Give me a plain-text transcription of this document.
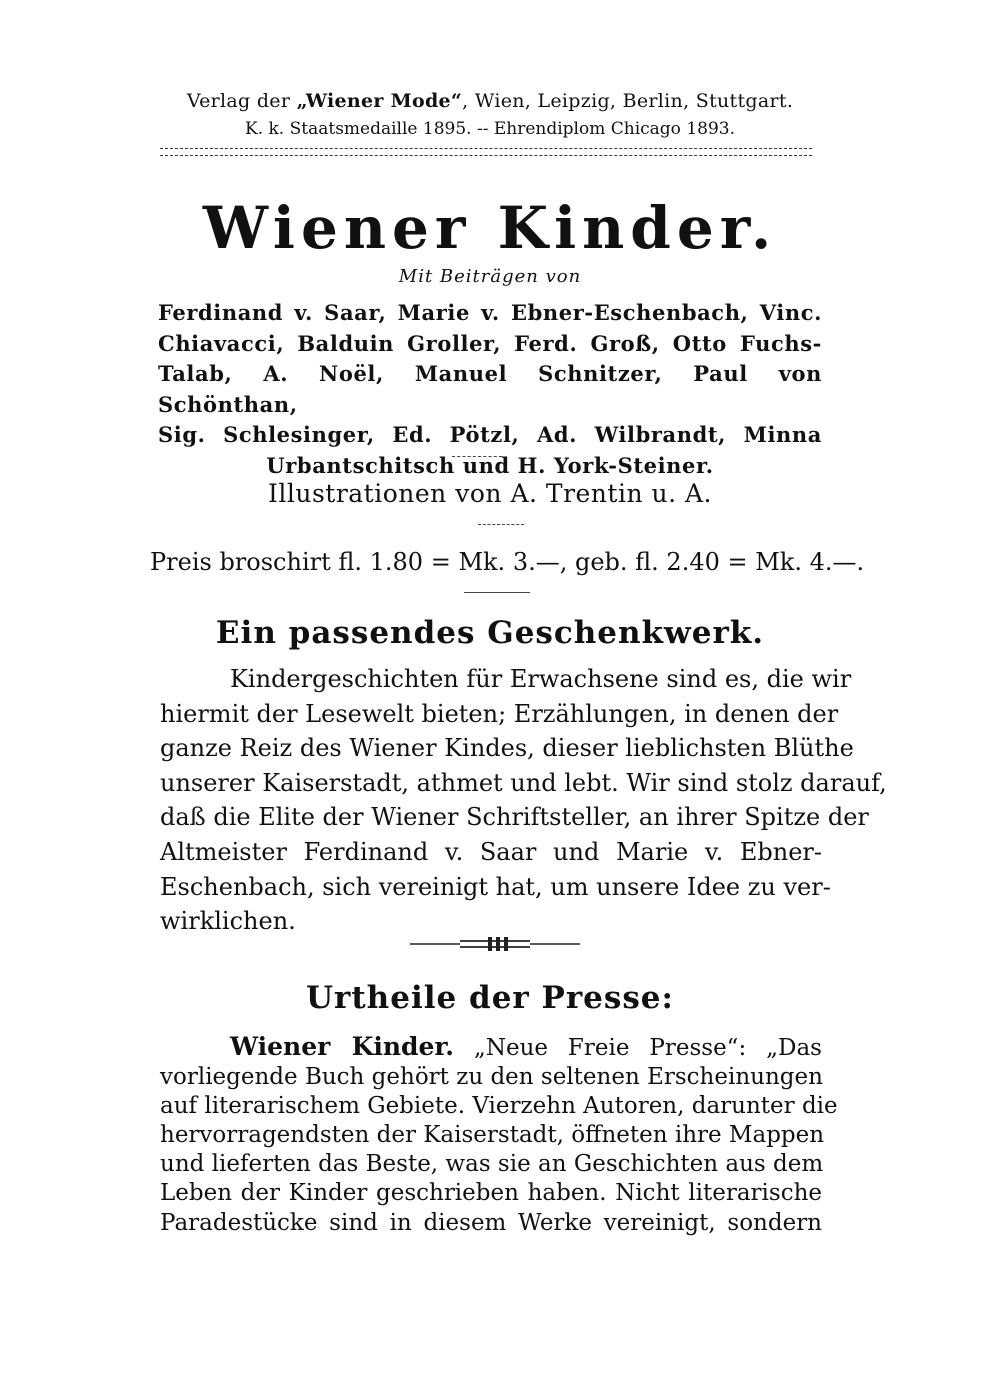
Verlag der „Wiener Mode“, Wien, Leipzig, Berlin, Stuttgart.
K. k. Staatsmedaille 1895. -- Ehrendiplom Chicago 1893.
Wiener Kinder.
Mit Beiträgen von
Ferdinand v. Saar, Marie v. Ebner-Eschenbach, Vinc.
Chiavacci, Balduin Groller, Ferd. Groß, Otto Fuchs-
Talab, A. Noël, Manuel Schnitzer, Paul von Schönthan,
Sig. Schlesinger, Ed. Pötzl, Ad. Wilbrandt, Minna
Urbantschitsch und H. York-Steiner.
Illustrationen von A. Trentin u. A.
Preis broschirt fl. 1.80 = Mk. 3.—, geb. fl. 2.40 = Mk. 4.—.
Ein passendes Geschenkwerk.
Kindergeschichten für Erwachsene sind es, die wir
hiermit der Lesewelt bieten; Erzählungen, in denen der
ganze Reiz des Wiener Kindes, dieser lieblichsten Blüthe
unserer Kaiserstadt, athmet und lebt. Wir sind stolz darauf,
daß die Elite der Wiener Schriftsteller, an ihrer Spitze der
Altmeister Ferdinand v. Saar und Marie v. Ebner-
Eschenbach, sich vereinigt hat, um unsere Idee zu ver-
wirklichen.
Urtheile der Presse:
Wiener Kinder. „Neue Freie Presse“: „Das
vorliegende Buch gehört zu den seltenen Erscheinungen
auf literarischem Gebiete. Vierzehn Autoren, darunter die
hervorragendsten der Kaiserstadt, öffneten ihre Mappen
und lieferten das Beste, was sie an Geschichten aus dem
Leben der Kinder geschrieben haben. Nicht literarische
Paradestücke sind in diesem Werke vereinigt, sondern
